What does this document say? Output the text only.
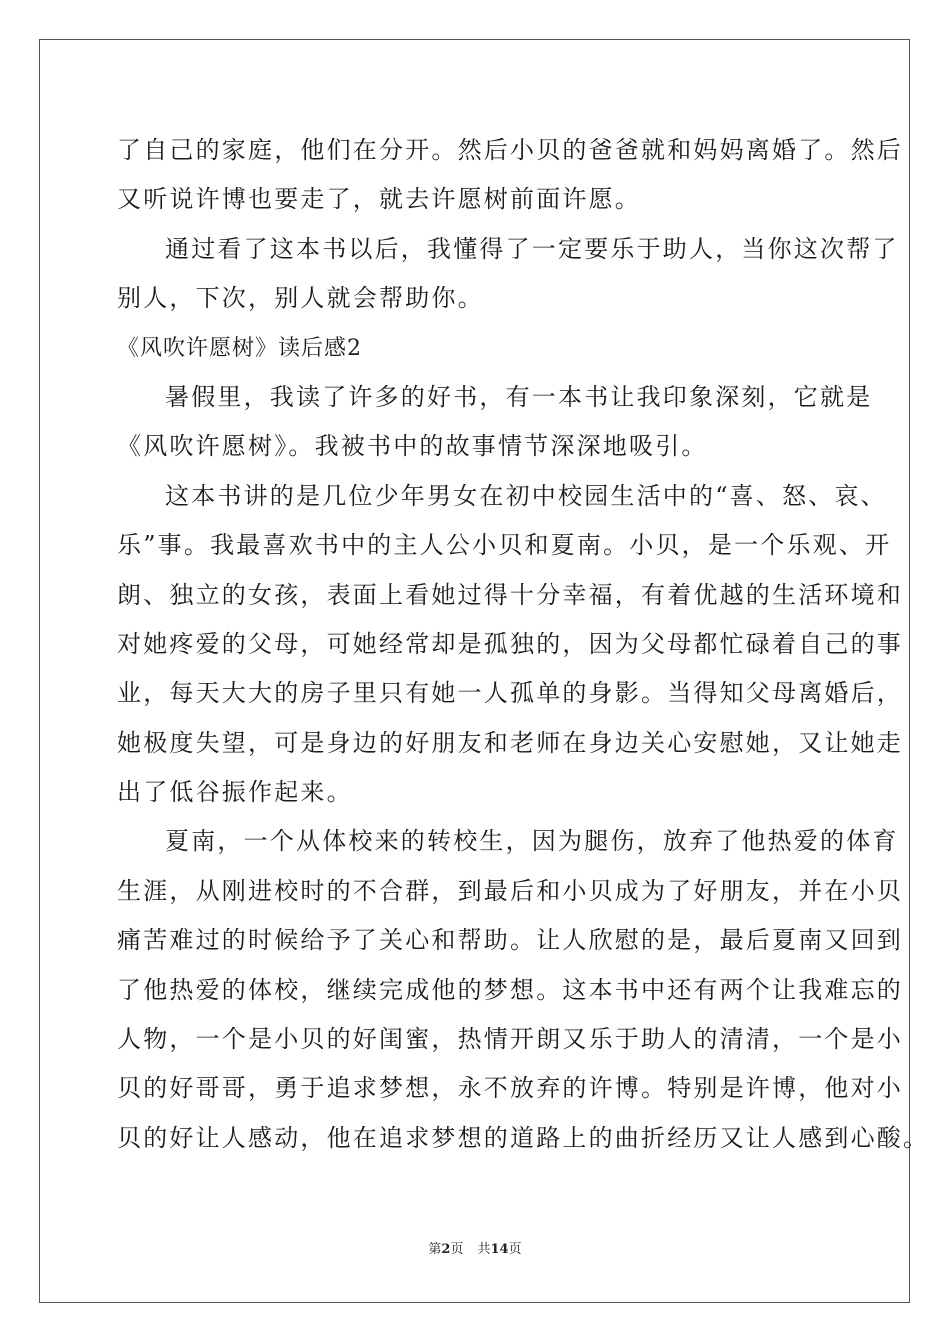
了自己的家庭，他们在分开。然后小贝的爸爸就和妈妈离婚了。然后
又听说许博也要走了，就去许愿树前面许愿。
通过看了这本书以后，我懂得了一定要乐于助人，当你这次帮了
别人，下次，别人就会帮助你。
《风吹许愿树》读后感2
暑假里，我读了许多的好书，有一本书让我印象深刻，它就是
《风吹许愿树》。我被书中的故事情节深深地吸引。
这本书讲的是几位少年男女在初中校园生活中的“喜、怒、哀、
乐”事。我最喜欢书中的主人公小贝和夏南。小贝，是一个乐观、开
朗、独立的女孩，表面上看她过得十分幸福，有着优越的生活环境和
对她疼爱的父母，可她经常却是孤独的，因为父母都忙碌着自己的事
业，每天大大的房子里只有她一人孤单的身影。当得知父母离婚后，
她极度失望，可是身边的好朋友和老师在身边关心安慰她，又让她走
出了低谷振作起来。
夏南，一个从体校来的转校生，因为腿伤，放弃了他热爱的体育
生涯，从刚进校时的不合群，到最后和小贝成为了好朋友，并在小贝
痛苦难过的时候给予了关心和帮助。让人欣慰的是，最后夏南又回到
了他热爱的体校，继续完成他的梦想。这本书中还有两个让我难忘的
人物，一个是小贝的好闺蜜，热情开朗又乐于助人的清清，一个是小
贝的好哥哥，勇于追求梦想，永不放弃的许博。特别是许博，他对小
贝的好让人感动，他在追求梦想的道路上的曲折经历又让人感到心酸。
第2页 共14页
